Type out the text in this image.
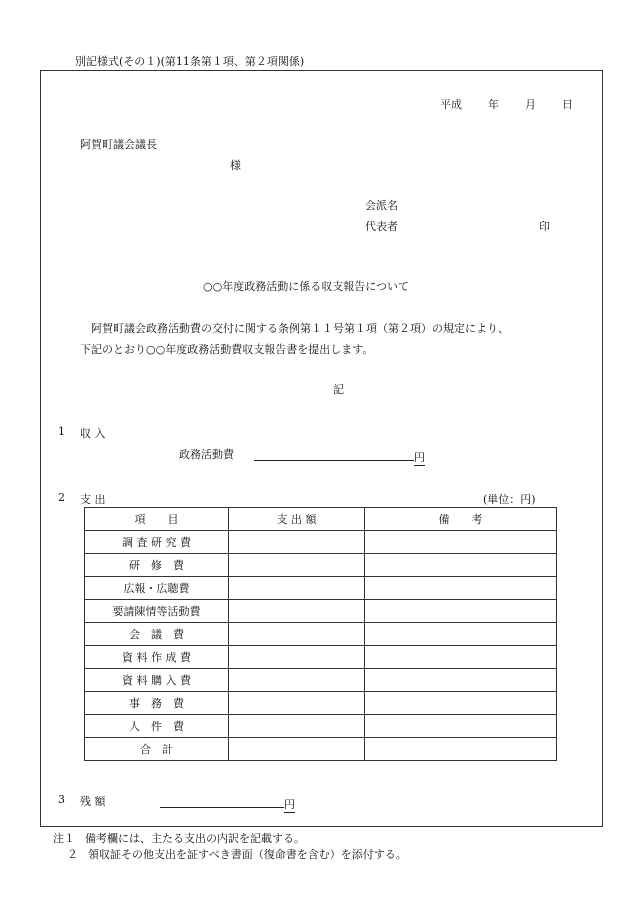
別記様式(その１)(第11条第１項、第２項関係)
平成 年 月 日
阿賀町議会議長
様
会派名
代表者	印
○○年度政務活動に係る収支報告について
阿賀町議会政務活動費の交付に関する条例第１１号第１項（第２項）の規定により、
下記のとおり○○年度政務活動費収支報告書を提出します。
記
1 収 入
政務活動費	円
2 支 出	(単位：円)
項　　目	支 出 額	備　　考
調 査 研 究 費		
研　修　費		
広報・広聴費		
要請陳情等活動費		
会　議　費		
資 料 作 成 費		
資 料 購 入 費		
事　務　費		
人　件　費		
合　計		
3 残 額	円
注１ 備考欄には、主たる支出の内訳を記載する。
２ 領収証その他支出を証すべき書面（復命書を含む）を添付する。
